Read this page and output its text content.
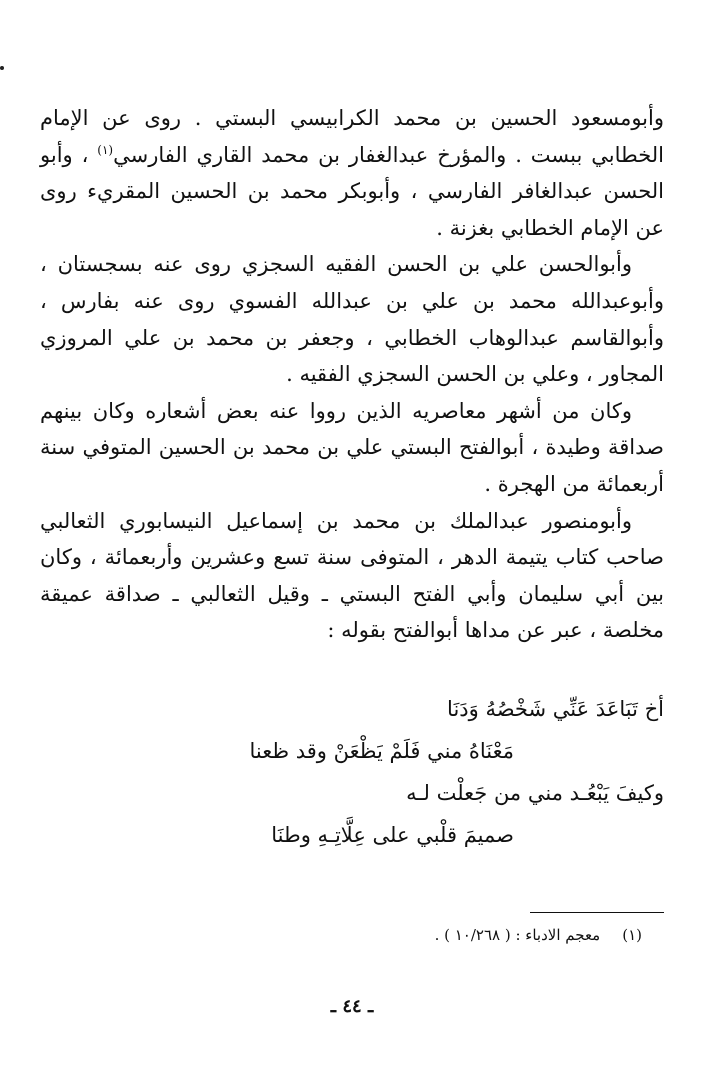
وأبومسعود الحسين بن محمد الكرابيسي البستي . روى عن الإمام الخطابي ببست . والمؤرخ عبدالغفار بن محمد القاري الفارسي$^{(١)}$ ، وأبو الحسن عبدالغافر الفارسي ، وأبوبكر محمد بن الحسين المقريء روى عن الإمام الخطابي بغزنة .

وأبوالحسن علي بن الحسن الفقيه السجزي روى عنه بسجستان ، وأبوعبدالله محمد بن علي بن عبدالله الفسوي روى عنه بفارس ، وأبوالقاسم عبدالوهاب الخطابي ، وجعفر بن محمد بن علي المروزي المجاور ، وعلي بن الحسن السجزي الفقيه .

وكان من أشهر معاصريه الذين رووا عنه بعض أشعاره وكان بينهم صداقة وطيدة ، أبوالفتح البستي علي بن محمد بن الحسين المتوفي سنة أربعمائة من الهجرة .

وأبومنصور عبدالملك بن محمد بن إسماعيل النيسابوري الثعالبي صاحب كتاب يتيمة الدهر ، المتوفى سنة تسع وعشرين وأربعمائة ، وكان بين أبي سليمان وأبي الفتح البستي ـ وقيل الثعالبي ـ صداقة عميقة مخلصة ، عبر عن مداها أبوالفتح بقوله :

أخ تَبَاعَدَ عَنِّي شَخْصُهُ وَدَنَا
مَعْنَاهُ مني فَلَمْ يَظْعَنْ وقد ظعنا
وكيفَ يَبْعُـد مني من جَعلْت لـه
صميمَ قلْبي على عِلَّاتِـهِ وطنَا
(١)معجم الادباء : ( ١٠/٢٦٨ ) .
ـ ٤٤ ـ
